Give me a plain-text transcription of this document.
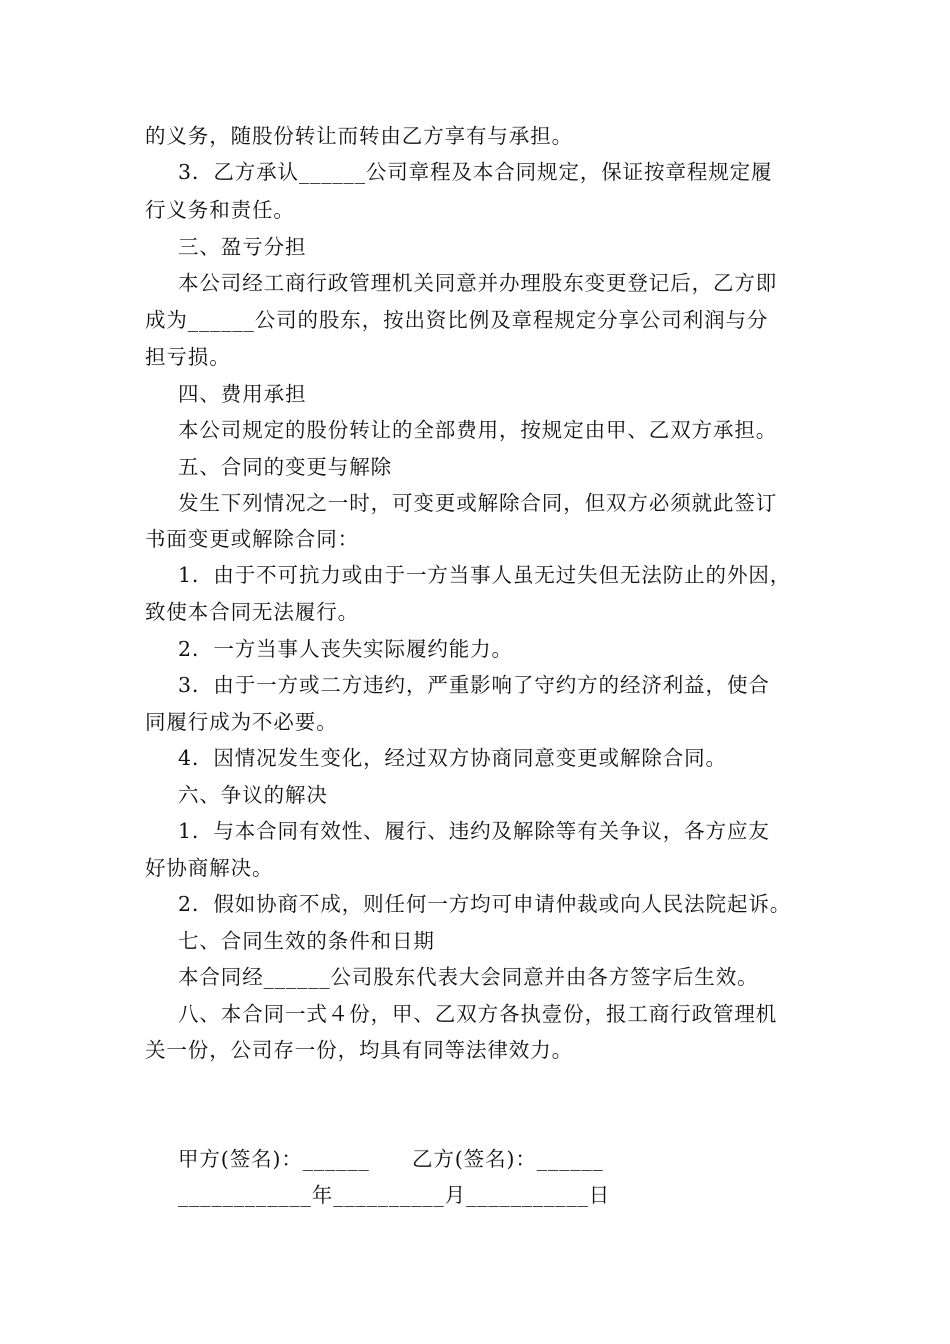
的义务，随股份转让而转由乙方享有与承担。
3．乙方承认______公司章程及本合同规定，保证按章程规定履
行义务和责任。
三、盈亏分担
本公司经工商行政管理机关同意并办理股东变更登记后，乙方即
成为______公司的股东，按出资比例及章程规定分享公司利润与分
担亏损。
四、费用承担
本公司规定的股份转让的全部费用，按规定由甲、乙双方承担。
五、合同的变更与解除
发生下列情况之一时，可变更或解除合同，但双方必须就此签订
书面变更或解除合同：
1．由于不可抗力或由于一方当事人虽无过失但无法防止的外因，
致使本合同无法履行。
2．一方当事人丧失实际履约能力。
3．由于一方或二方违约，严重影响了守约方的经济利益，使合
同履行成为不必要。
4．因情况发生变化，经过双方协商同意变更或解除合同。
六、争议的解决
1．与本合同有效性、履行、违约及解除等有关争议，各方应友
好协商解决。
2．假如协商不成，则任何一方均可申请仲裁或向人民法院起诉。
七、合同生效的条件和日期
本合同经______公司股东代表大会同意并由各方签字后生效。
八、本合同一式４份，甲、乙双方各执壹份，报工商行政管理机
关一份，公司存一份，均具有同等法律效力。
甲方(签名)：______ 乙方(签名)：______
____________年__________月___________日
